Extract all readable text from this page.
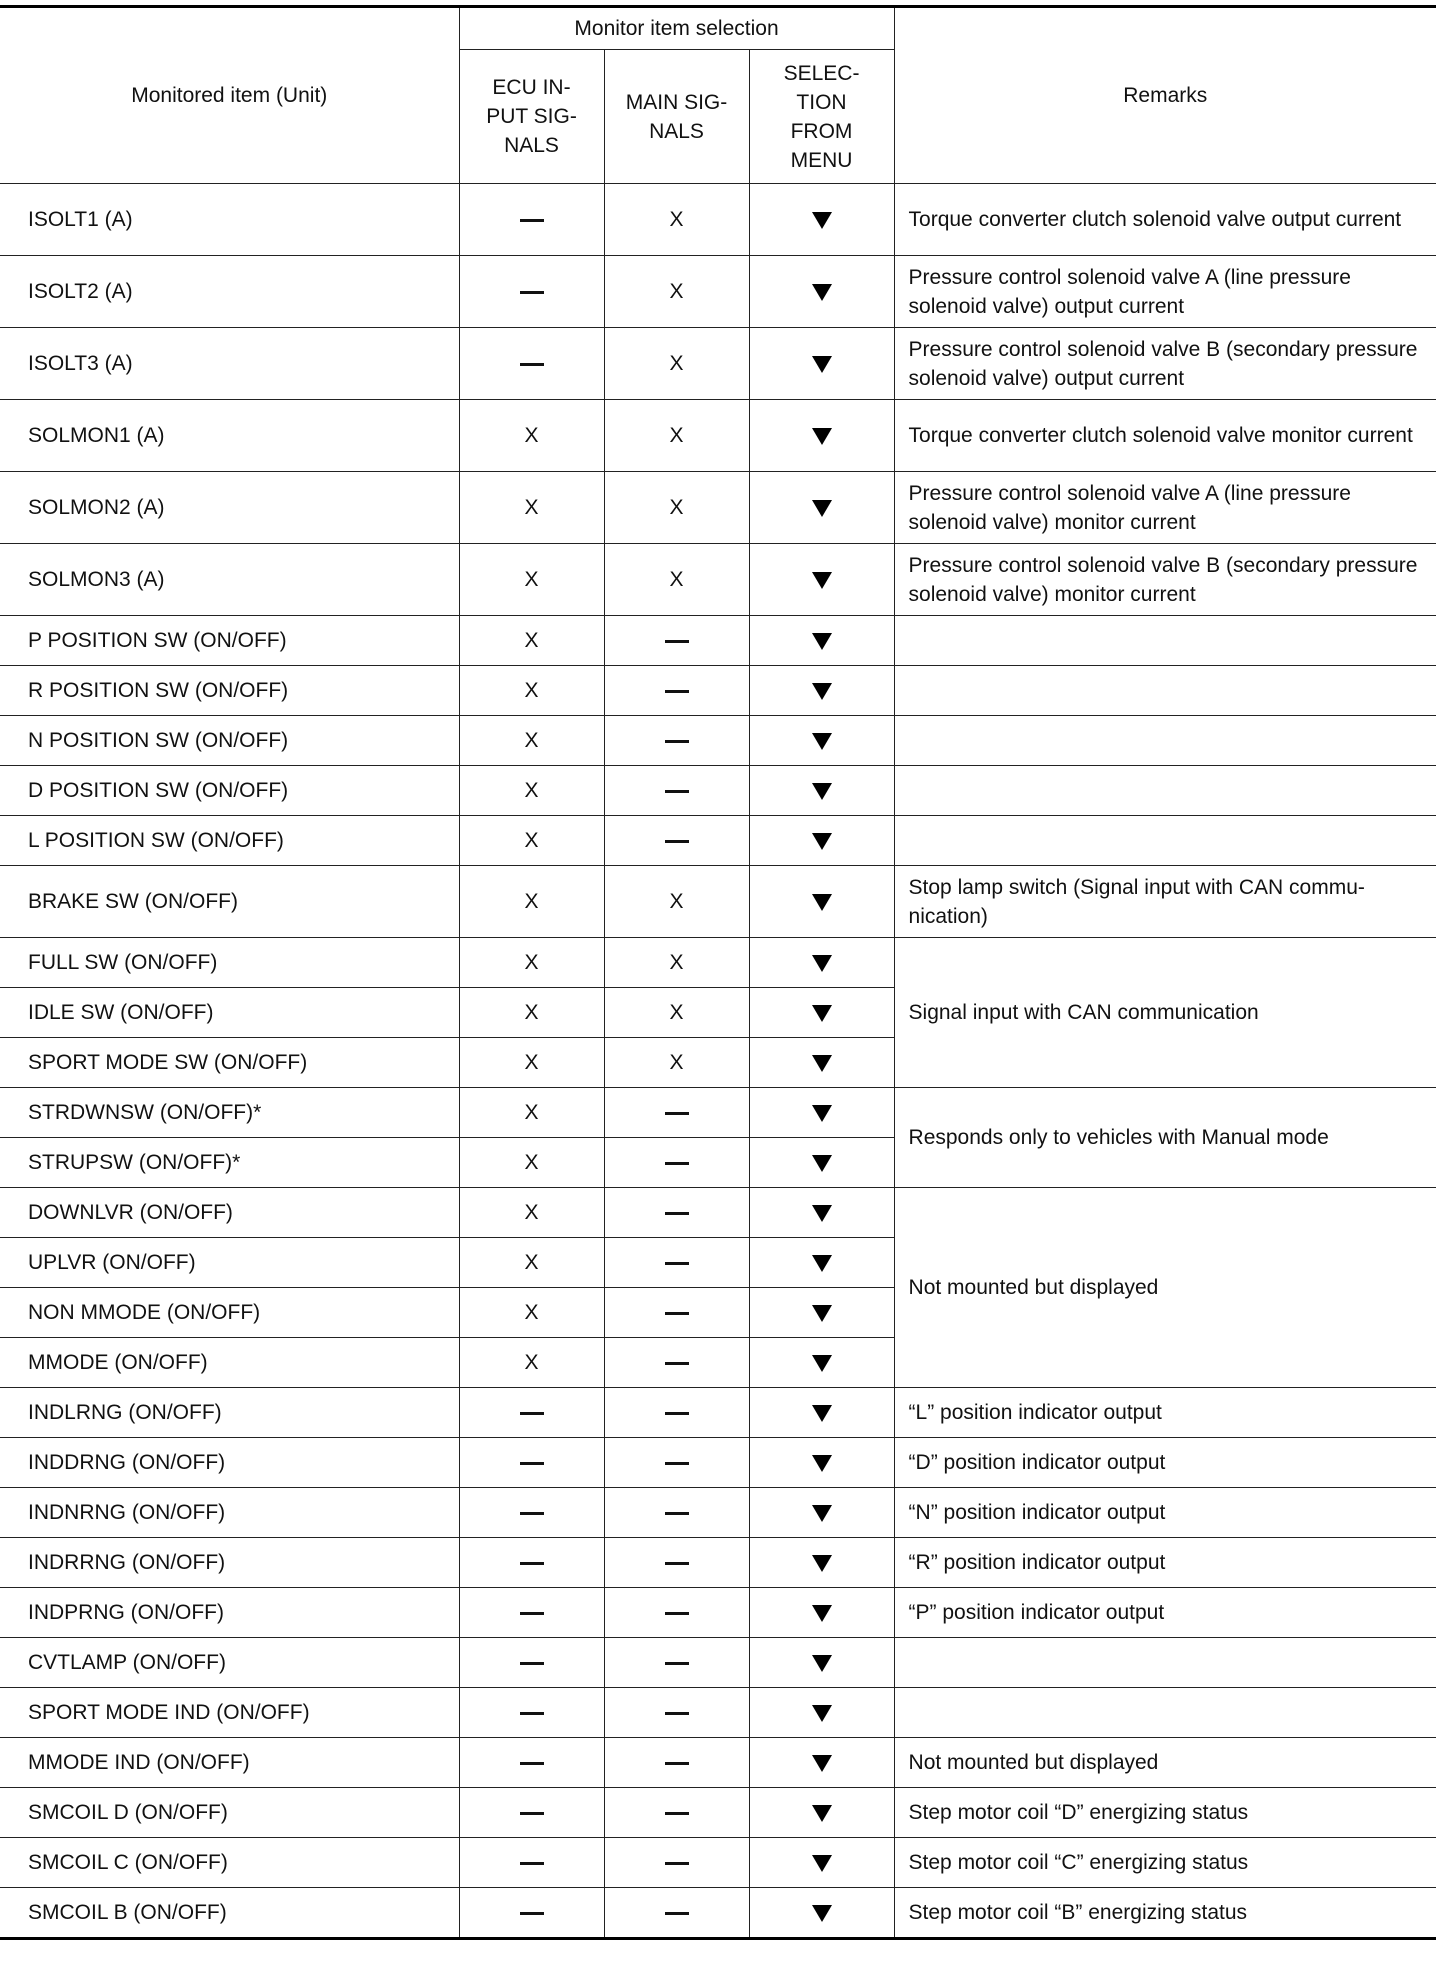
Monitored item (Unit)	Monitor item selection			Remarks
	ECU IN-
PUT SIG-
NALS	MAIN SIG-
NALS	SELEC-
TION
FROM
MENU	
ISOLT1 (A)		X		Torque converter clutch solenoid valve output current
ISOLT2 (A)		X		Pressure control solenoid valve A (line pressure solenoid valve) output current
ISOLT3 (A)		X		Pressure control solenoid valve B (secondary pressure solenoid valve) output current
SOLMON1 (A)	X	X		Torque converter clutch solenoid valve monitor current
SOLMON2 (A)	X	X		Pressure control solenoid valve A (line pressure solenoid valve) monitor current
SOLMON3 (A)	X	X		Pressure control solenoid valve B (secondary pressure solenoid valve) monitor current
P POSITION SW (ON/OFF)	X			
R POSITION SW (ON/OFF)	X			
N POSITION SW (ON/OFF)	X			
D POSITION SW (ON/OFF)	X			
L POSITION SW (ON/OFF)	X			
BRAKE SW (ON/OFF)	X	X		Stop lamp switch (Signal input with CAN commu-nication)
FULL SW (ON/OFF)	X	X		Signal input with CAN communication
IDLE SW (ON/OFF)	X	X		
SPORT MODE SW (ON/OFF)	X	X		
STRDWNSW (ON/OFF)*	X			Responds only to vehicles with Manual mode
STRUPSW (ON/OFF)*	X			
DOWNLVR (ON/OFF)	X			Not mounted but displayed
UPLVR (ON/OFF)	X			
NON MMODE (ON/OFF)	X			
MMODE (ON/OFF)	X			
INDLRNG (ON/OFF)				“L” position indicator output
INDDRNG (ON/OFF)				“D” position indicator output
INDNRNG (ON/OFF)				“N” position indicator output
INDRRNG (ON/OFF)				“R” position indicator output
INDPRNG (ON/OFF)				“P” position indicator output
CVTLAMP (ON/OFF)				
SPORT MODE IND (ON/OFF)				
MMODE IND (ON/OFF)				Not mounted but displayed
SMCOIL D (ON/OFF)				Step motor coil “D” energizing status
SMCOIL C (ON/OFF)				Step motor coil “C” energizing status
SMCOIL B (ON/OFF)				Step motor coil “B” energizing status
